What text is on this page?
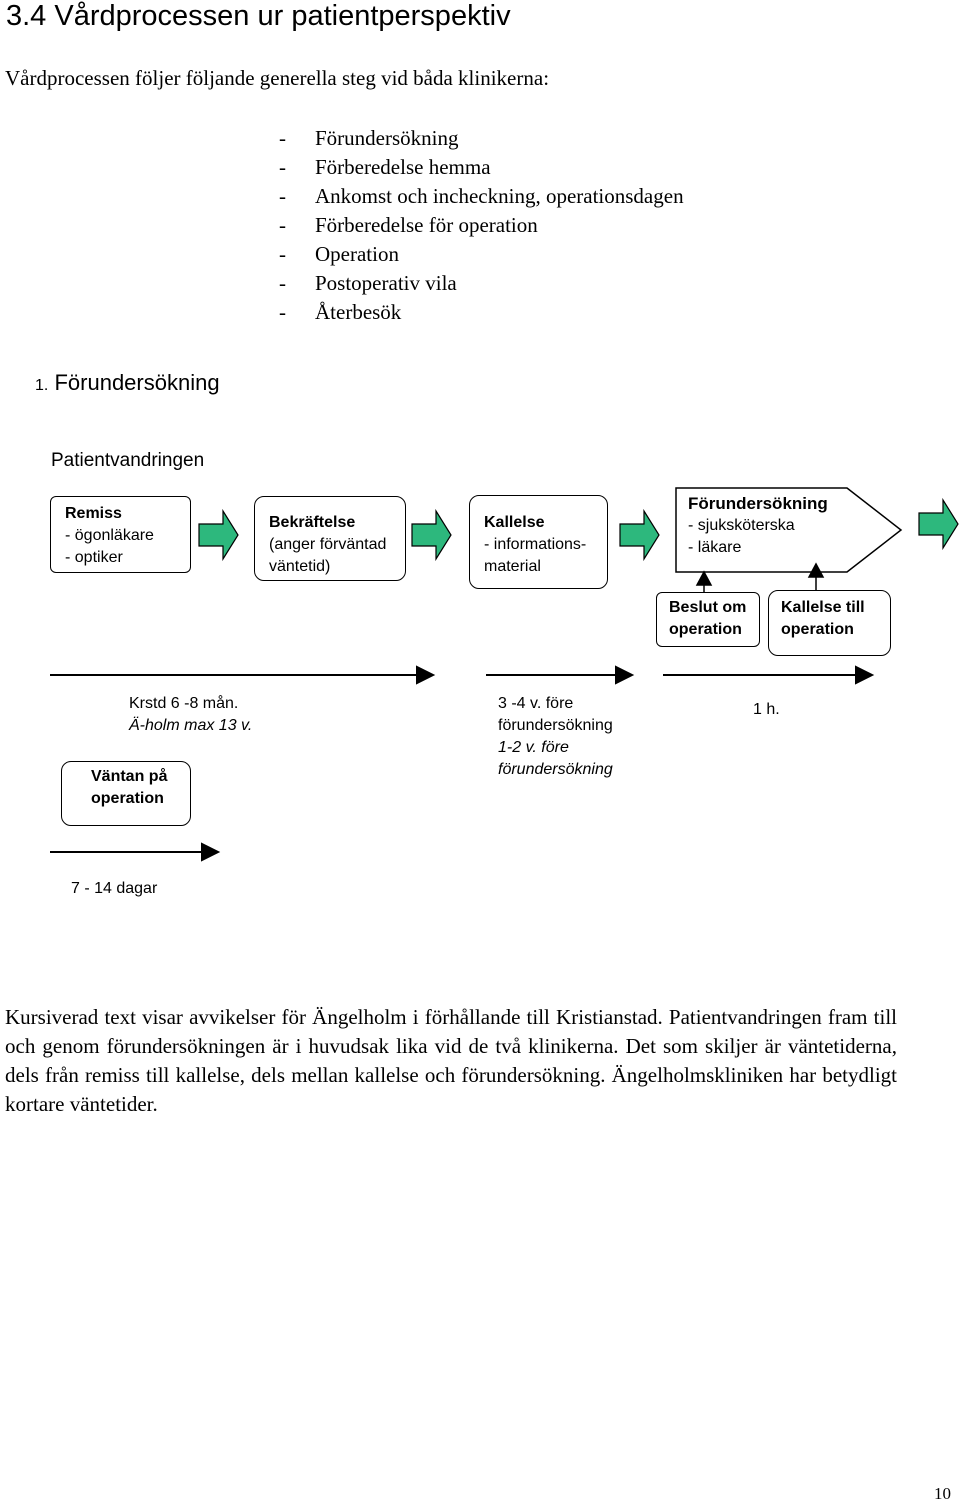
3.4 Vårdprocessen ur patientperspektiv
Vårdprocessen följer följande generella steg vid båda klinikerna:
- Förundersökning
- Förberedelse hemma
- Ankomst och incheckning, operationsdagen
- Förberedelse för operation
- Operation
- Postoperativ vila
- Återbesök
1. Förundersökning
Patientvandringen
Remiss
- ögonläkare
- optiker
Bekräftelse
(anger förväntad
väntetid)
Kallelse
- informations-
material
Förundersökning
- sjuksköterska
- läkare
Beslut om
operation
Kallelse till
operation
Väntan på
operation
Krstd 6 -8 mån.
Ä-holm max 13 v.
3 -4 v. före
förundersökning
1-2 v. före
förundersökning
1 h.
7 - 14 dagar
Kursiverad text visar avvikelser för Ängelholm i förhållande till Kristianstad. Patientvandringen fram till och genom förundersökningen är i huvudsak lika vid de två klinikerna. Det som skiljer är väntetiderna, dels från remiss till kallelse, dels mellan kallelse och förundersökning. Ängelholmskliniken har betydligt kortare väntetider.
10
